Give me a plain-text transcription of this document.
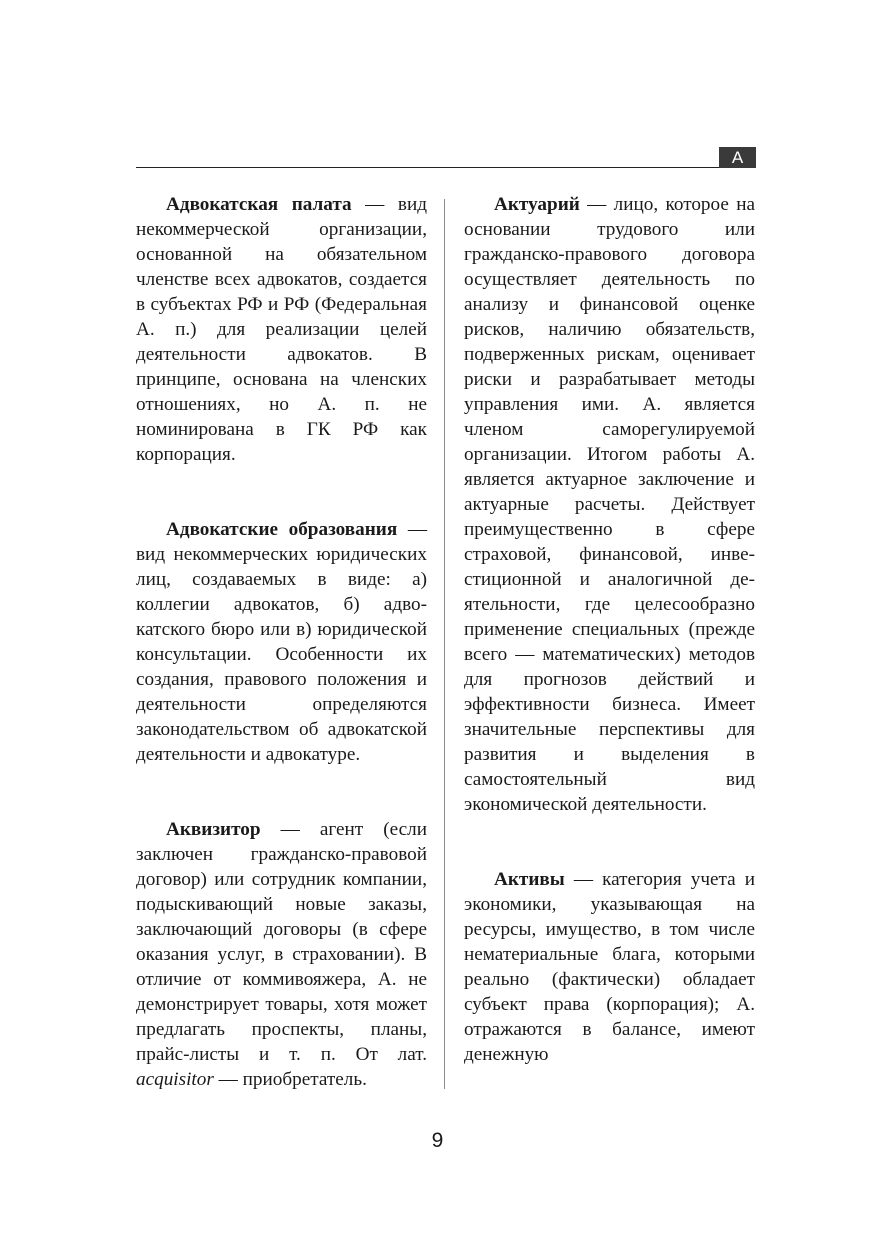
А

Адвокатская палата — вид некоммерческой организации, основанной на обязательном членстве всех адвокатов, создается в субъектах РФ и РФ (Федеральная А. п.) для реализации целей деятельности адвокатов. В принципе, основана на членских отношениях, но А. п. не номинирована в ГК РФ как корпорация.

Адвокатские образования — вид некоммерческих юридических лиц, создаваемых в виде: а) коллегии адвокатов, б) адвокатского бюро или в) юридической консультации. Особенности их создания, правового положения и деятельности определяются законодательством об адвокатской деятельности и адвокатуре.

Аквизитор — агент (если заключен гражданско-правовой договор) или сотрудник компании, подыскивающий новые заказы, заключающий договоры (в сфере оказания услуг, в страховании). В отличие от коммивояжера, А. не демонстрирует товары, хотя может предлагать проспекты, планы, прайс-листы и т. п. От лат. acquisitor — приобретатель.

Актуарий — лицо, которое на основании трудового или гражданско-правового договора осуществляет деятельность по анализу и финансовой оценке рисков, наличию обязательств, подверженных рискам, оценивает риски и разрабатывает методы управления ими. А. является членом саморегулируемой организации. Итогом работы А. является актуарное заключение и актуарные расчеты. Действует преимущественно в сфере страховой, финансовой, инвестиционной и аналогичной деятельности, где целесообразно применение специальных (прежде всего — математических) методов для прогнозов действий и эффективности бизнеса. Имеет значительные перспективы для развития и выделения в самостоятельный вид экономической деятельности.

Активы — категория учета и экономики, указывающая на ресурсы, имущество, в том числе нематериальные блага, которыми реально (фактически) обладает субъект права (корпорация); А. отражаются в балансе, имеют денежную

9
